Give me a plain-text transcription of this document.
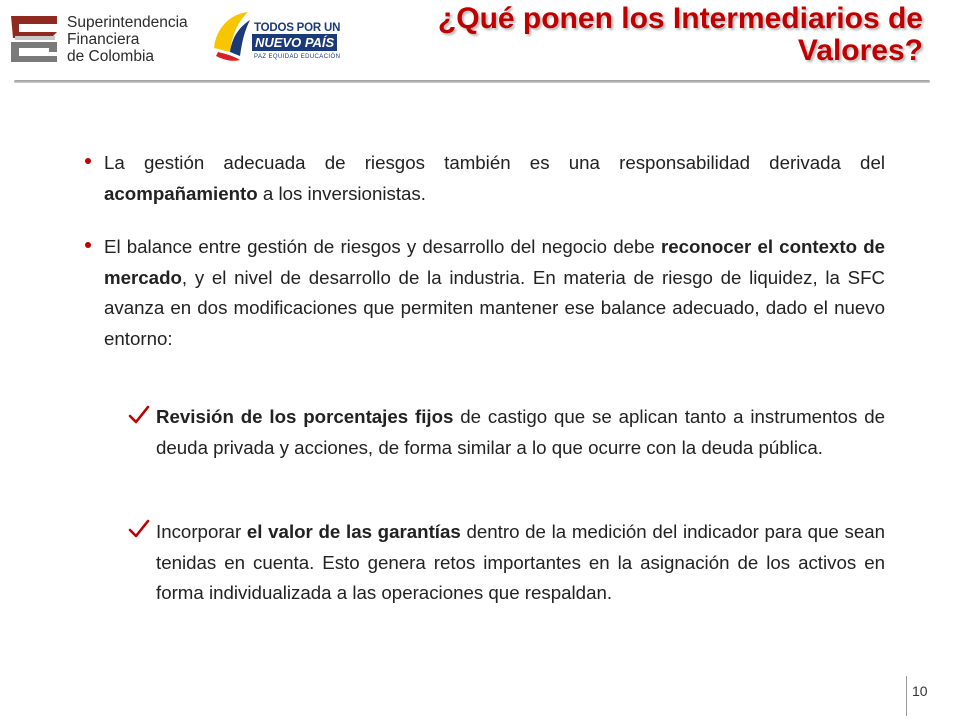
Superintendencia
Financiera
de Colombia
TODOS POR UN
NUEVO PAÍS
PAZ EQUIDAD EDUCACIÓN
¿Qué ponen los Intermediarios de
Valores?

La gestión adecuada de riesgos también es una responsabilidad derivada del acompañamiento a los inversionistas.

El balance entre gestión de riesgos y desarrollo del negocio debe reconocer el contexto de mercado, y el nivel de desarrollo de la industria. En materia de riesgo de liquidez, la SFC avanza en dos modificaciones que permiten mantener ese balance adecuado, dado el nuevo entorno:

Revisión de los porcentajes fijos de castigo que se aplican tanto a instrumentos de deuda privada y acciones, de forma similar a lo que ocurre con la deuda pública.

Incorporar el valor de las garantías dentro de la medición del indicador para que sean tenidas en cuenta. Esto genera retos importantes en la asignación de los activos en forma individualizada a las operaciones que respaldan.

10
